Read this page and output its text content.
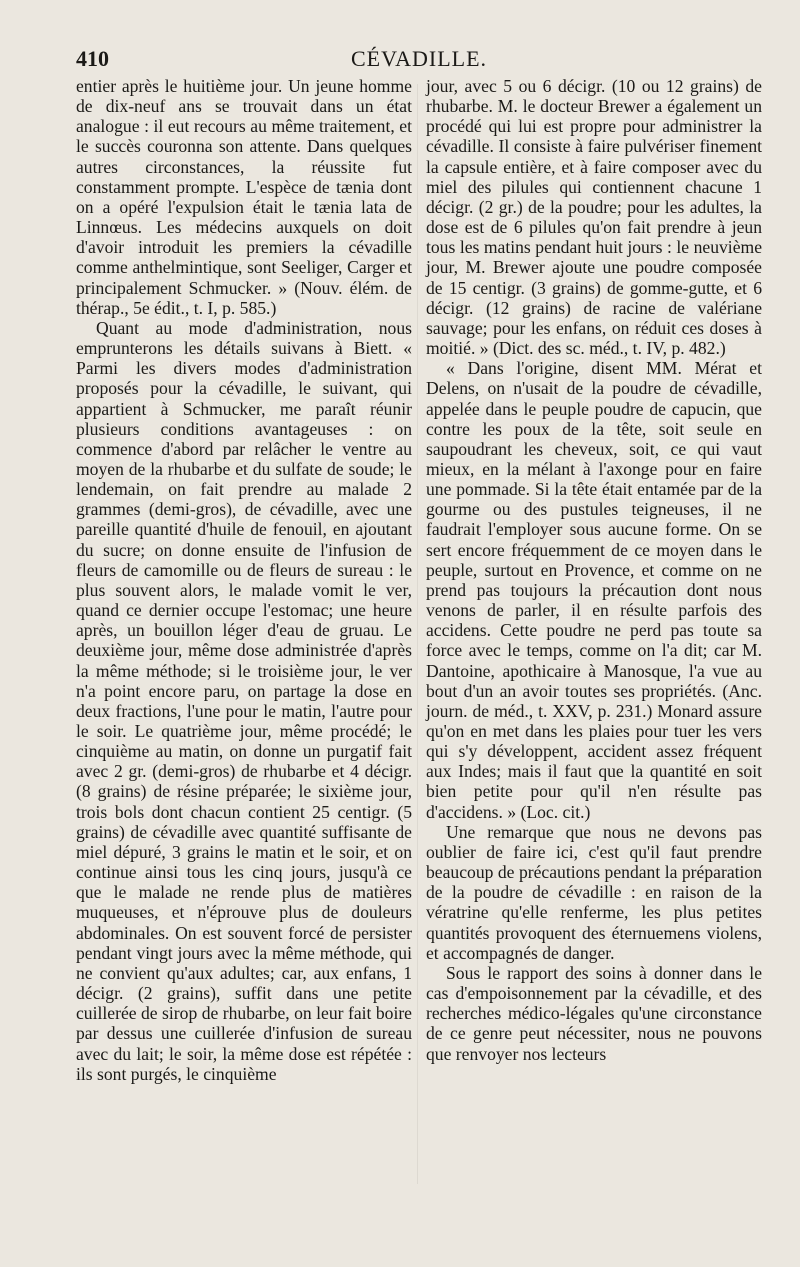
410	CÉVADILLE.

entier après le huitième jour. Un jeune homme de dix-neuf ans se trouvait dans un état analogue : il eut recours au même traitement, et le succès couronna son attente. Dans quelques autres circonstances, la réussite fut constamment prompte. L'espèce de tænia dont on a opéré l'expulsion était le tænia lata de Linnœus. Les médecins auxquels on doit d'avoir introduit les premiers la cévadille comme anthelmintique, sont Seeliger, Carger et principalement Schmucker. » (Nouv. élém. de thérap., 5e édit., t. I, p. 585.)

Quant au mode d'administration, nous emprunterons les détails suivans à Biett. « Parmi les divers modes d'administration proposés pour la cévadille, le suivant, qui appartient à Schmucker, me paraît réunir plusieurs conditions avantageuses : on commence d'abord par relâcher le ventre au moyen de la rhubarbe et du sulfate de soude; le lendemain, on fait prendre au malade 2 grammes (demi-gros), de cévadille, avec une pareille quantité d'huile de fenouil, en ajoutant du sucre; on donne ensuite de l'infusion de fleurs de camomille ou de fleurs de sureau : le plus souvent alors, le malade vomit le ver, quand ce dernier occupe l'estomac; une heure après, un bouillon léger d'eau de gruau. Le deuxième jour, même dose administrée d'après la même méthode; si le troisième jour, le ver n'a point encore paru, on partage la dose en deux fractions, l'une pour le matin, l'autre pour le soir. Le quatrième jour, même procédé; le cinquième au matin, on donne un purgatif fait avec 2 gr. (demi-gros) de rhubarbe et 4 décigr. (8 grains) de résine préparée; le sixième jour, trois bols dont chacun contient 25 centigr. (5 grains) de cévadille avec quantité suffisante de miel dépuré, 3 grains le matin et le soir, et on continue ainsi tous les cinq jours, jusqu'à ce que le malade ne rende plus de matières muqueuses, et n'éprouve plus de douleurs abdominales. On est souvent forcé de persister pendant vingt jours avec la même méthode, qui ne convient qu'aux adultes; car, aux enfans, 1 décigr. (2 grains), suffit dans une petite cuillerée de sirop de rhubarbe, on leur fait boire par dessus une cuillerée d'infusion de sureau avec du lait; le soir, la même dose est répétée : ils sont purgés, le cinquième

jour, avec 5 ou 6 décigr. (10 ou 12 grains) de rhubarbe. M. le docteur Brewer a également un procédé qui lui est propre pour administrer la cévadille. Il consiste à faire pulvériser finement la capsule entière, et à faire composer avec du miel des pilules qui contiennent chacune 1 décigr. (2 gr.) de la poudre; pour les adultes, la dose est de 6 pilules qu'on fait prendre à jeun tous les matins pendant huit jours : le neuvième jour, M. Brewer ajoute une poudre composée de 15 centigr. (3 grains) de gomme-gutte, et 6 décigr. (12 grains) de racine de valériane sauvage; pour les enfans, on réduit ces doses à moitié. » (Dict. des sc. méd., t. IV, p. 482.)

« Dans l'origine, disent MM. Mérat et Delens, on n'usait de la poudre de cévadille, appelée dans le peuple poudre de capucin, que contre les poux de la tête, soit seule en saupoudrant les cheveux, soit, ce qui vaut mieux, en la mélant à l'axonge pour en faire une pommade. Si la tête était entamée par de la gourme ou des pustules teigneuses, il ne faudrait l'employer sous aucune forme. On se sert encore fréquemment de ce moyen dans le peuple, surtout en Provence, et comme on ne prend pas toujours la précaution dont nous venons de parler, il en résulte parfois des accidens. Cette poudre ne perd pas toute sa force avec le temps, comme on l'a dit; car M. Dantoine, apothicaire à Manosque, l'a vue au bout d'un an avoir toutes ses propriétés. (Anc. journ. de méd., t. XXV, p. 231.) Monard assure qu'on en met dans les plaies pour tuer les vers qui s'y développent, accident assez fréquent aux Indes; mais il faut que la quantité en soit bien petite pour qu'il n'en résulte pas d'accidens. » (Loc. cit.)

Une remarque que nous ne devons pas oublier de faire ici, c'est qu'il faut prendre beaucoup de précautions pendant la préparation de la poudre de cévadille : en raison de la vératrine qu'elle renferme, les plus petites quantités provoquent des éternuemens violens, et accompagnés de danger.

Sous le rapport des soins à donner dans le cas d'empoisonnement par la cévadille, et des recherches médico-légales qu'une circonstance de ce genre peut nécessiter, nous ne pouvons que renvoyer nos lecteurs
